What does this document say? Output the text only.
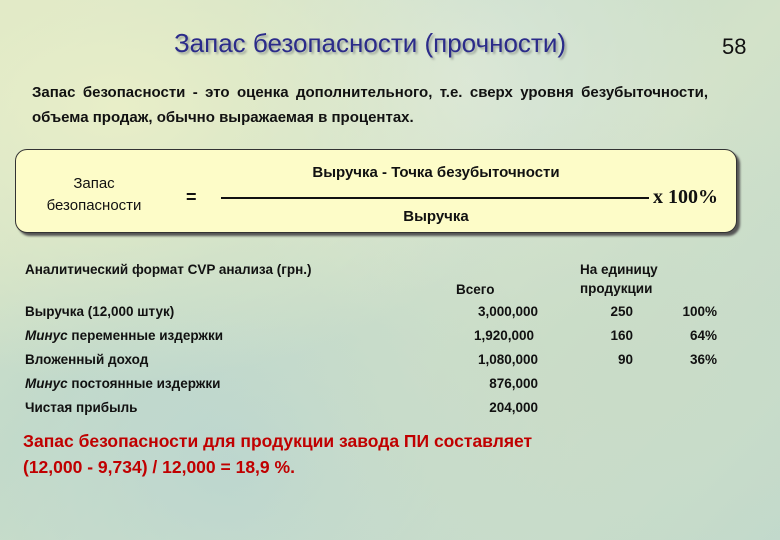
Запас безопасности (прочности)	58
Запас безопасности - это оценка дополнительного, т.е. сверх уровня безубыточности, объема продаж, обычно выражаемая в процентах.
Запас
безопасности =
Выручка - Точка безубыточности
Выручка
x 100%
Аналитический формат CVP анализа (грн.)
Всего
На единицу
продукции
Выручка (12,000 штук)	3,000,000	250	100%
Минус переменные издержки	1,920,000	160	64%
Вложенный доход	1,080,000	90	36%
Минус постоянные издержки	876,000
Чистая прибыль	204,000
Запас безопасности для продукции завода ПИ составляет
(12,000 - 9,734) / 12,000 = 18,9 %.
